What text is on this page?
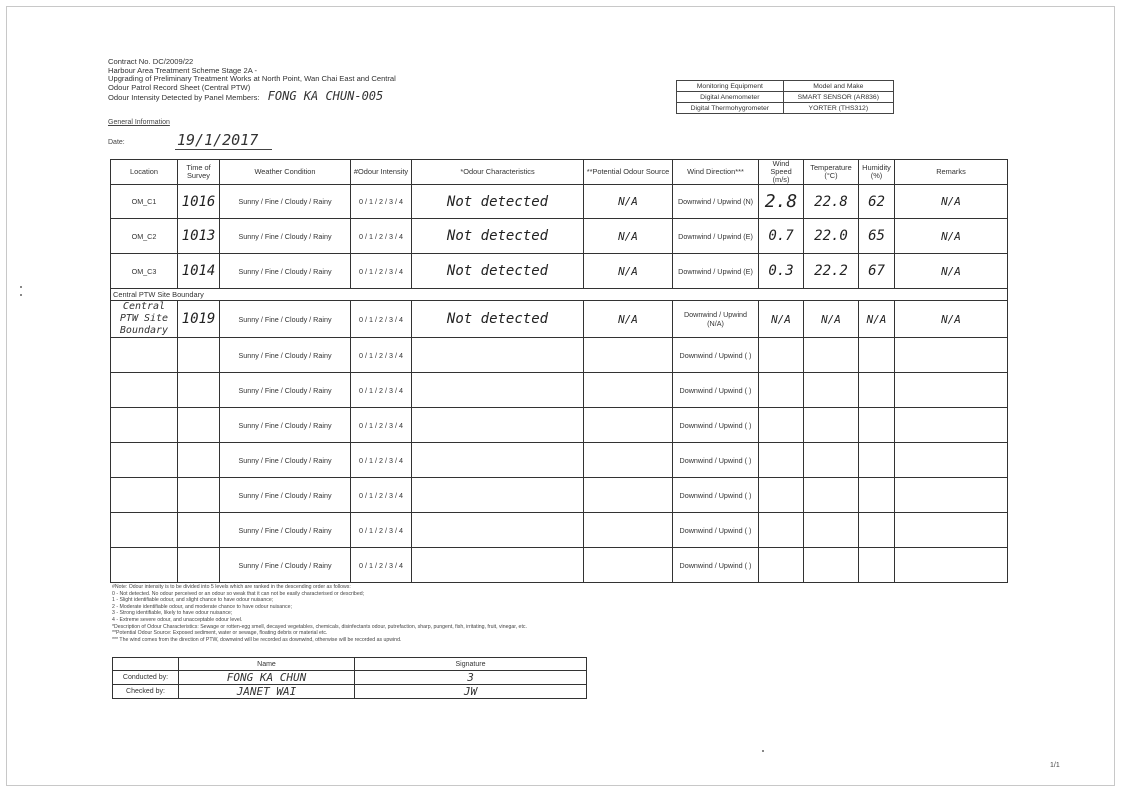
Contract No. DC/2009/22
Harbour Area Treatment Scheme Stage 2A -
Upgrading of Preliminary Treatment Works at North Point, Wan Chai East and Central
Odour Patrol Record Sheet (Central PTW)
Odour Intensity Detected by Panel Members: FONG KA CHUN-005
General Information
Date:	19/1/2017
Monitoring Equipment	Model and Make
Digital Anemometer	SMART SENSOR (AR836)
Digital Thermohygrometer	YORTER (THS312)
Location	Time of Survey	Weather Condition	#Odour Intensity	*Odour Characteristics	**Potential Odour Source	Wind Direction***	Wind Speed (m/s)	Temperature (°C)	Humidity (%)	Remarks
OM_C1	1016	Sunny / Fine / Cloudy / Rainy	0 / 1 / 2 / 3 / 4	Not detected	N/A	Downwind / Upwind (N)	2.8	22.8	62	N/A
OM_C2	1013	Sunny / Fine / Cloudy / Rainy	0 / 1 / 2 / 3 / 4	Not detected	N/A	Downwind / Upwind (E)	0.7	22.0	65	N/A
OM_C3	1014	Sunny / Fine / Cloudy / Rainy	0 / 1 / 2 / 3 / 4	Not detected	N/A	Downwind / Upwind (E)	0.3	22.2	67	N/A
Central PTW Site Boundary										
Central PTW Site Boundary	1019	Sunny / Fine / Cloudy / Rainy	0 / 1 / 2 / 3 / 4	Not detected	N/A	Downwind / Upwind (N/A)	N/A	N/A	N/A	N/A
		Sunny / Fine / Cloudy / Rainy	0 / 1 / 2 / 3 / 4			Downwind / Upwind ( )				
		Sunny / Fine / Cloudy / Rainy	0 / 1 / 2 / 3 / 4			Downwind / Upwind ( )				
		Sunny / Fine / Cloudy / Rainy	0 / 1 / 2 / 3 / 4			Downwind / Upwind ( )				
		Sunny / Fine / Cloudy / Rainy	0 / 1 / 2 / 3 / 4			Downwind / Upwind ( )				
		Sunny / Fine / Cloudy / Rainy	0 / 1 / 2 / 3 / 4			Downwind / Upwind ( )				
		Sunny / Fine / Cloudy / Rainy	0 / 1 / 2 / 3 / 4			Downwind / Upwind ( )				
		Sunny / Fine / Cloudy / Rainy	0 / 1 / 2 / 3 / 4			Downwind / Upwind ( )				
#Note: Odour intensity is to be divided into 5 levels which are ranked in the descending order as follows:
0 - Not detected. No odour perceived or an odour so weak that it can not be easily characterised or described;
1 - Slight identifiable odour, and slight chance to have odour nuisance;
2 - Moderate identifiable odour, and moderate chance to have odour nuisance;
3 - Strong identifiable, likely to have odour nuisance;
4 - Extreme severe odour, and unacceptable odour level.
*Description of Odour Characteristics: Sewage or rotten-egg smell, decayed vegetables, chemicals, disinfectants odour, putrefaction, sharp, pungent, fish, irritating, fruit, vinegar, etc.
**Potential Odour Source: Exposed sediment, water or sewage, floating debris or material etc.
*** The wind comes from the direction of PTW, downwind will be recorded as downwind, otherwise will be recorded as upwind.
	Name	Signature
Conducted by:	FONG KA CHUN	3
Checked by:	JANET WAI	JW
1/1
